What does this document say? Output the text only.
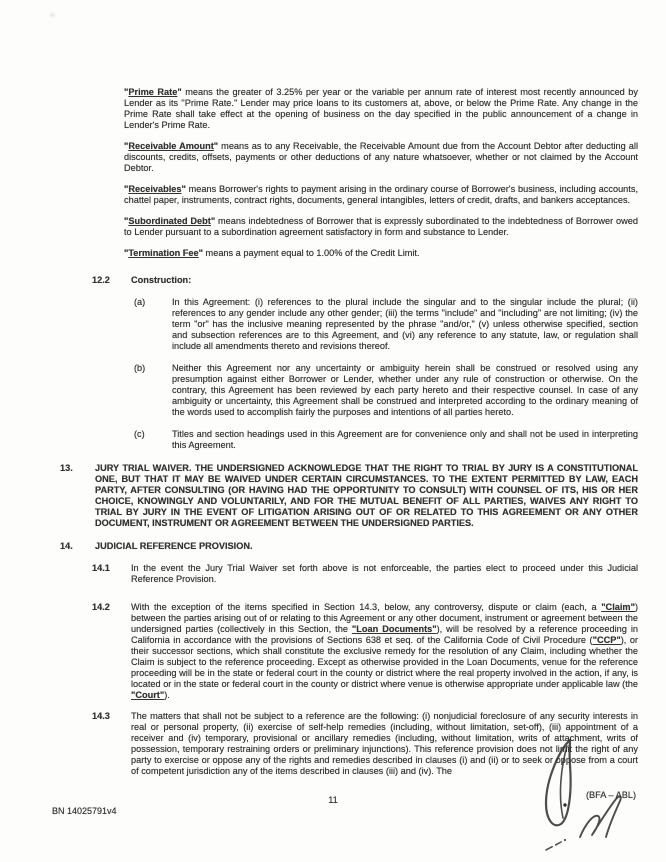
"Prime Rate" means the greater of 3.25% per year or the variable per annum rate of interest most recently announced by Lender as its "Prime Rate." Lender may price loans to its customers at, above, or below the Prime Rate. Any change in the Prime Rate shall take effect at the opening of business on the day specified in the public announcement of a change in Lender's Prime Rate.

"Receivable Amount" means as to any Receivable, the Receivable Amount due from the Account Debtor after deducting all discounts, credits, offsets, payments or other deductions of any nature whatsoever, whether or not claimed by the Account Debtor.

"Receivables" means Borrower's rights to payment arising in the ordinary course of Borrower's business, including accounts, chattel paper, instruments, contract rights, documents, general intangibles, letters of credit, drafts, and bankers acceptances.

"Subordinated Debt" means indebtedness of Borrower that is expressly subordinated to the indebtedness of Borrower owed to Lender pursuant to a subordination agreement satisfactory in form and substance to Lender.

"Termination Fee" means a payment equal to 1.00% of the Credit Limit.

12.2	Construction:
(a)	In this Agreement: (i) references to the plural include the singular and to the singular include the plural; (ii) references to any gender include any other gender; (iii) the terms "include" and "including" are not limiting; (iv) the term "or" has the inclusive meaning represented by the phrase "and/or," (v) unless otherwise specified, section and subsection references are to this Agreement, and (vi) any reference to any statute, law, or regulation shall include all amendments thereto and revisions thereof.
(b)	Neither this Agreement nor any uncertainty or ambiguity herein shall be construed or resolved using any presumption against either Borrower or Lender, whether under any rule of construction or otherwise. On the contrary, this Agreement has been reviewed by each party hereto and their respective counsel. In case of any ambiguity or uncertainty, this Agreement shall be construed and interpreted according to the ordinary meaning of the words used to accomplish fairly the purposes and intentions of all parties hereto.
(c)	Titles and section headings used in this Agreement are for convenience only and shall not be used in interpreting this Agreement.
13.	JURY TRIAL WAIVER. THE UNDERSIGNED ACKNOWLEDGE THAT THE RIGHT TO TRIAL BY JURY IS A CONSTITUTIONAL ONE, BUT THAT IT MAY BE WAIVED UNDER CERTAIN CIRCUMSTANCES. TO THE EXTENT PERMITTED BY LAW, EACH PARTY, AFTER CONSULTING (OR HAVING HAD THE OPPORTUNITY TO CONSULT) WITH COUNSEL OF ITS, HIS OR HER CHOICE, KNOWINGLY AND VOLUNTARILY, AND FOR THE MUTUAL BENEFIT OF ALL PARTIES, WAIVES ANY RIGHT TO TRIAL BY JURY IN THE EVENT OF LITIGATION ARISING OUT OF OR RELATED TO THIS AGREEMENT OR ANY OTHER DOCUMENT, INSTRUMENT OR AGREEMENT BETWEEN THE UNDERSIGNED PARTIES.
14.	JUDICIAL REFERENCE PROVISION.
14.1	In the event the Jury Trial Waiver set forth above is not enforceable, the parties elect to proceed under this Judicial Reference Provision.
14.2	With the exception of the items specified in Section 14.3, below, any controversy, dispute or claim (each, a "Claim") between the parties arising out of or relating to this Agreement or any other document, instrument or agreement between the undersigned parties (collectively in this Section, the "Loan Documents"), will be resolved by a reference proceeding in California in accordance with the provisions of Sections 638 et seq. of the California Code of Civil Procedure ("CCP"), or their successor sections, which shall constitute the exclusive remedy for the resolution of any Claim, including whether the Claim is subject to the reference proceeding. Except as otherwise provided in the Loan Documents, venue for the reference proceeding will be in the state or federal court in the county or district where the real property involved in the action, if any, is located or in the state or federal court in the county or district where venue is otherwise appropriate under applicable law (the "Court").
14.3	The matters that shall not be subject to a reference are the following: (i) nonjudicial foreclosure of any security interests in real or personal property, (ii) exercise of self-help remedies (including, without limitation, set-off), (iii) appointment of a receiver and (iv) temporary, provisional or ancillary remedies (including, without limitation, writs of attachment, writs of possession, temporary restraining orders or preliminary injunctions). This reference provision does not limit the right of any party to exercise or oppose any of the rights and remedies described in clauses (i) and (ii) or to seek or oppose from a court of competent jurisdiction any of the items described in clauses (iii) and (iv). The
11
BN 14025791v4
(BFA – ABL)
